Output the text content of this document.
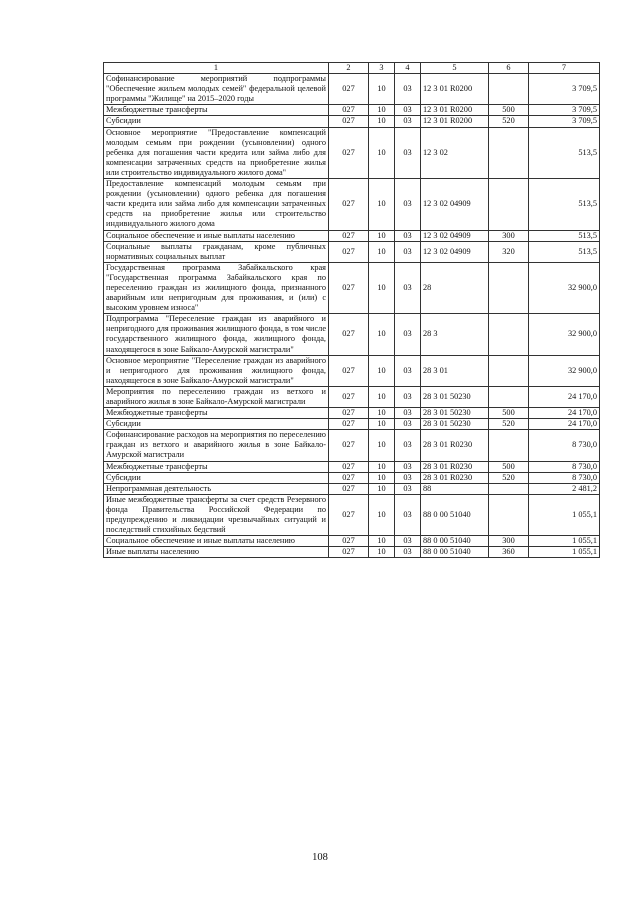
1	2	3	4	5	6	7
Софинансирование мероприятий подпрограммы "Обеспечение жильем молодых семей" федеральной целевой программы "Жилище" на 2015–2020 годы	027	10	03	12 3 01 R0200		3 709,5
Межбюджетные трансферты	027	10	03	12 3 01 R0200	500	3 709,5
Субсидии	027	10	03	12 3 01 R0200	520	3 709,5
Основное мероприятие "Предоставление компенсаций молодым семьям при рождении (усыновлении) одного ребенка для погашения части кредита или займа либо для компенсации затраченных средств на приобретение жилья или строительство индивидуального жилого дома"	027	10	03	12 3 02		513,5
Предоставление компенсаций молодым семьям при рождении (усыновлении) одного ребенка для погашения части кредита или займа либо для компенсации затраченных средств на приобретение жилья или строительство индивидуального жилого дома	027	10	03	12 3 02 04909		513,5
Социальное обеспечение и иные выплаты населению	027	10	03	12 3 02 04909	300	513,5
Социальные выплаты гражданам, кроме публичных нормативных социальных выплат	027	10	03	12 3 02 04909	320	513,5
Государственная программа Забайкальского края "Государственная программа Забайкальского края по переселению граждан из жилищного фонда, признанного аварийным или непригодным для проживания, и (или) с высоким уровнем износа"	027	10	03	28		32 900,0
Подпрограмма "Переселение граждан из аварийного и непригодного для проживания жилищного фонда, в том числе государственного жилищного фонда, жилищного фонда, находящегося в зоне Байкало-Амурской магистрали"	027	10	03	28 3		32 900,0
Основное мероприятие "Переселение граждан из аварийного и непригодного для проживания жилищного фонда, находящегося в зоне Байкало-Амурской магистрали"	027	10	03	28 3 01		32 900,0
Мероприятия по переселению граждан из ветхого и аварийного жилья в зоне Байкало-Амурской магистрали	027	10	03	28 3 01 50230		24 170,0
Межбюджетные трансферты	027	10	03	28 3 01 50230	500	24 170,0
Субсидии	027	10	03	28 3 01 50230	520	24 170,0
Софинансирование расходов на мероприятия по переселению граждан из ветхого и аварийного жилья в зоне Байкало-Амурской магистрали	027	10	03	28 3 01 R0230		8 730,0
Межбюджетные трансферты	027	10	03	28 3 01 R0230	500	8 730,0
Субсидии	027	10	03	28 3 01 R0230	520	8 730,0
Непрограммная деятельность	027	10	03	88		2 481,2
Иные межбюджетные трансферты за счет средств Резервного фонда Правительства Российской Федерации по предупреждению и ликвидации чрезвычайных ситуаций и последствий стихийных бедствий	027	10	03	88 0 00 51040		1 055,1
Социальное обеспечение и иные выплаты населению	027	10	03	88 0 00 51040	300	1 055,1
Иные выплаты населению	027	10	03	88 0 00 51040	360	1 055,1
108
